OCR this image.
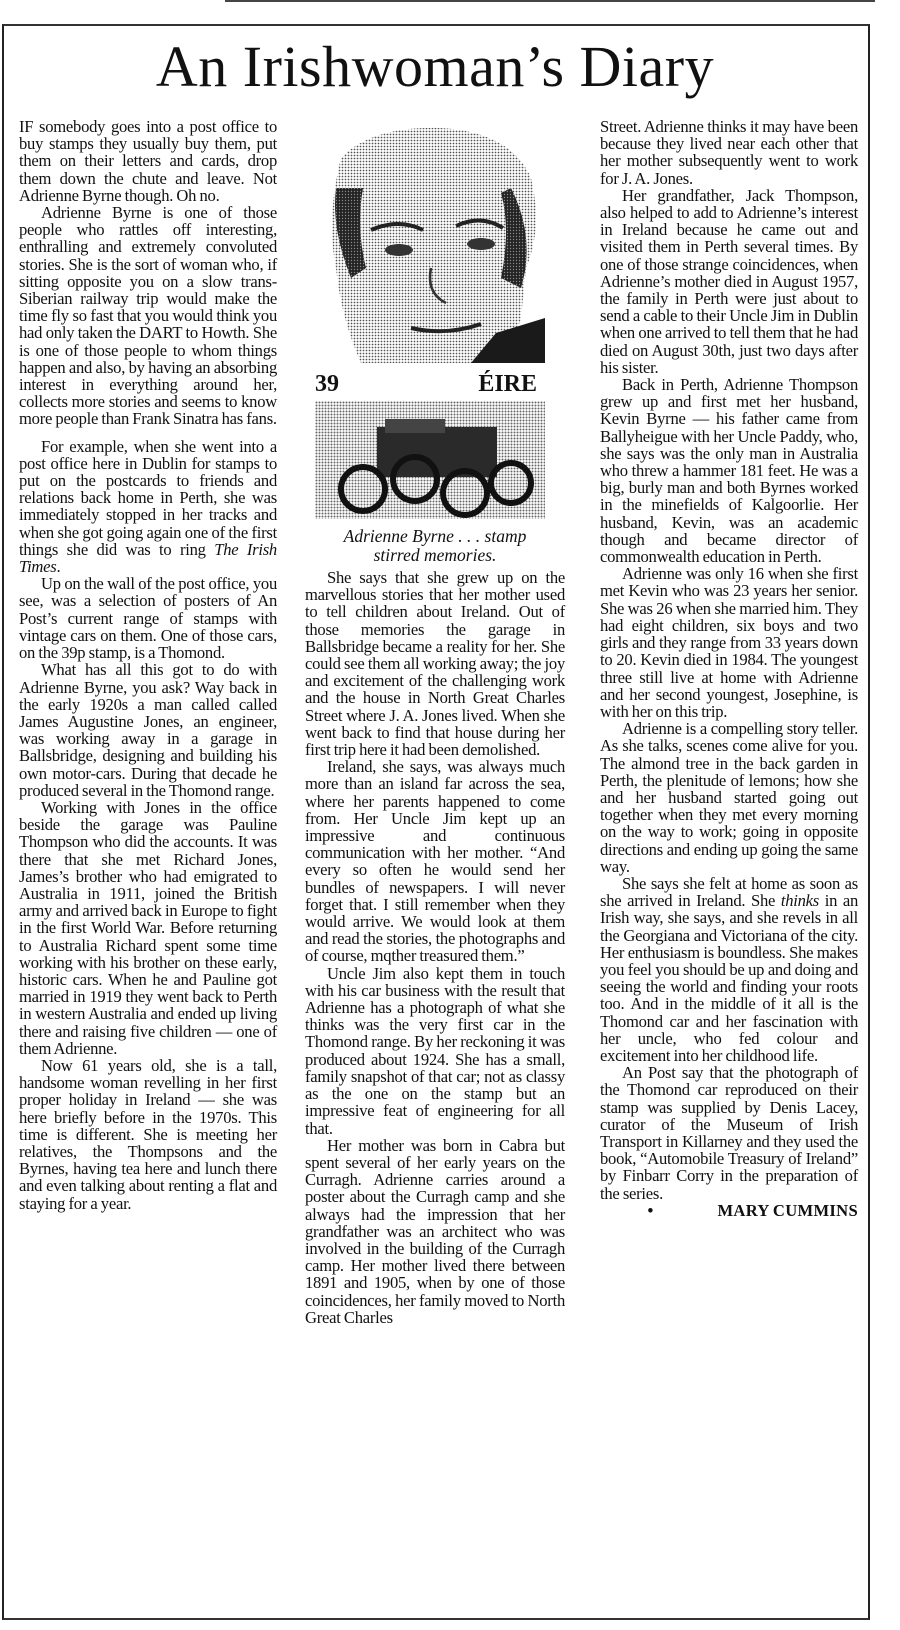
An Irishwoman’s Diary

IF somebody goes into a post office to buy stamps they usually buy them, put them on their letters and cards, drop them down the chute and leave. Not Adrienne Byrne though. Oh no.

Adrienne Byrne is one of those people who rattles off interesting, enthralling and extremely convoluted stories. She is the sort of woman who, if sitting opposite you on a slow trans-Siberian railway trip would make the time fly so fast that you would think you had only taken the DART to Howth. She is one of those people to whom things happen and also, by having an absorbing interest in everything around her, collects more stories and seems to know more people than Frank Sinatra has fans.

For example, when she went into a post office here in Dublin for stamps to put on the postcards to friends and relations back home in Perth, she was immediately stopped in her tracks and when she got going again one of the first things she did was to ring The Irish Times.

Up on the wall of the post office, you see, was a selection of posters of An Post’s current range of stamps with vintage cars on them. One of those cars, on the 39p stamp, is a Thomond.

What has all this got to do with Adrienne Byrne, you ask? Way back in the early 1920s a man called called James Augustine Jones, an engineer, was working away in a garage in Ballsbridge, designing and building his own motor-cars. During that decade he produced several in the Thomond range.

Working with Jones in the office beside the garage was Pauline Thompson who did the accounts. It was there that she met Richard Jones, James’s brother who had emigrated to Australia in 1911, joined the British army and arrived back in Europe to fight in the first World War. Before returning to Australia Richard spent some time working with his brother on these early, historic cars. When he and Pauline got married in 1919 they went back to Perth in western Australia and ended up living there and raising five children — one of them Adrienne.

Now 61 years old, she is a tall, handsome woman revelling in her first proper holiday in Ireland — she was here briefly before in the 1970s. This time is different. She is meeting her relatives, the Thompsons and the Byrnes, having tea here and lunch there and even talking about renting a flat and staying for a year.

39	ÉIRE
Adrienne Byrne . . . stamp
stirred memories.

She says that she grew up on the marvellous stories that her mother used to tell children about Ireland. Out of those memories the garage in Ballsbridge became a reality for her. She could see them all working away; the joy and excitement of the challenging work and the house in North Great Charles Street where J. A. Jones lived. When she went back to find that house during her first trip here it had been demolished.

Ireland, she says, was always much more than an island far across the sea, where her parents happened to come from. Her Uncle Jim kept up an impressive and continuous communication with her mother. “And every so often he would send her bundles of newspapers. I will never forget that. I still remember when they would arrive. We would look at them and read the stories, the photographs and of course, mqther treasured them.”

Uncle Jim also kept them in touch with his car business with the result that Adrienne has a photograph of what she thinks was the very first car in the Thomond range. By her reckoning it was produced about 1924. She has a small, family snapshot of that car; not as classy as the one on the stamp but an impressive feat of engineering for all that.

Her mother was born in Cabra but spent several of her early years on the Curragh. Adrienne carries around a poster about the Curragh camp and she always had the impression that her grandfather was an architect who was involved in the building of the Curragh camp. Her mother lived there between 1891 and 1905, when by one of those coincidences, her family moved to North Great Charles

Street. Adrienne thinks it may have been because they lived near each other that her mother subsequently went to work for J. A. Jones.

Her grandfather, Jack Thompson, also helped to add to Adrienne’s interest in Ireland because he came out and visited them in Perth several times. By one of those strange coincidences, when Adrienne’s mother died in August 1957, the family in Perth were just about to send a cable to their Uncle Jim in Dublin when one arrived to tell them that he had died on August 30th, just two days after his sister.

Back in Perth, Adrienne Thompson grew up and first met her husband, Kevin Byrne — his father came from Ballyheigue with her Uncle Paddy, who, she says was the only man in Australia who threw a hammer 181 feet. He was a big, burly man and both Byrnes worked in the minefields of Kalgoorlie. Her husband, Kevin, was an academic though and became director of commonwealth education in Perth.

Adrienne was only 16 when she first met Kevin who was 23 years her senior. She was 26 when she married him. They had eight children, six boys and two girls and they range from 33 years down to 20. Kevin died in 1984. The youngest three still live at home with Adrienne and her second youngest, Josephine, is with her on this trip.

Adrienne is a compelling story teller. As she talks, scenes come alive for you. The almond tree in the back garden in Perth, the plenitude of lemons; how she and her husband started going out together when they met every morning on the way to work; going in opposite directions and ending up going the same way.

She says she felt at home as soon as she arrived in Ireland. She thinks in an Irish way, she says, and she revels in all the Georgiana and Victoriana of the city. Her enthusiasm is boundless. She makes you feel you should be up and doing and seeing the world and finding your roots too. And in the middle of it all is the Thomond car and her fascination with her uncle, who fed colour and excitement into her childhood life.

An Post say that the photograph of the Thomond car reproduced on their stamp was supplied by Denis Lacey, curator of the Museum of Irish Transport in Killarney and they used the book, “Automobile Treasury of Ireland” by Finbarr Corry in the preparation of the series.

•	MARY CUMMINS
